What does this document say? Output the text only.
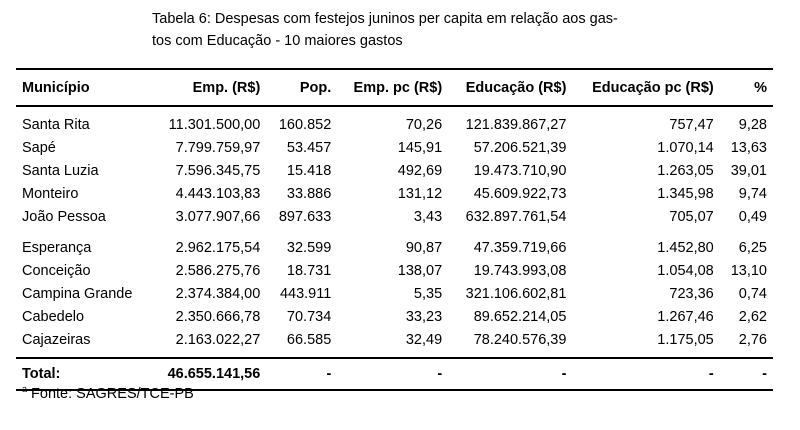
Tabela 6: Despesas com festejos juninos per capita em relação aos gas-
tos com Educação - 10 maiores gastos
Município	Emp. (R$)	Pop.	Emp. pc (R$)	Educação (R$)	Educação pc (R$)	%
Santa Rita	11.301.500,00	160.852	70,26	121.839.867,27	757,47	9,28
Sapé	7.799.759,97	53.457	145,91	57.206.521,39	1.070,14	13,63
Santa Luzia	7.596.345,75	15.418	492,69	19.473.710,90	1.263,05	39,01
Monteiro	4.443.103,83	33.886	131,12	45.609.922,73	1.345,98	9,74
João Pessoa	3.077.907,66	897.633	3,43	632.897.761,54	705,07	0,49
Esperança	2.962.175,54	32.599	90,87	47.359.719,66	1.452,80	6,25
Conceição	2.586.275,76	18.731	138,07	19.743.993,08	1.054,08	13,10
Campina Grande	2.374.384,00	443.911	5,35	321.106.602,81	723,36	0,74
Cabedelo	2.350.666,78	70.734	33,23	89.652.214,05	1.267,46	2,62
Cajazeiras	2.163.022,27	66.585	32,49	78.240.576,39	1.175,05	2,76
Total:	46.655.141,56	-	-	-	-	-
$^a$ Fonte: SAGRES/TCE-PB
